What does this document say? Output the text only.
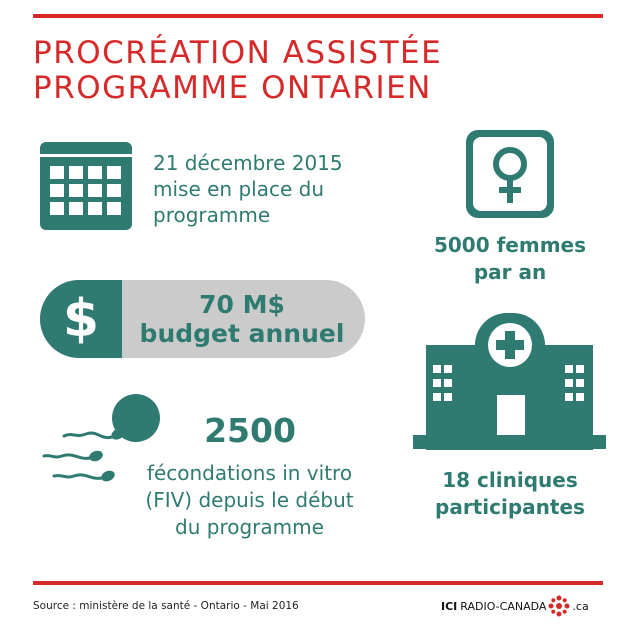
PROCRÉATION ASSISTÉE
PROGRAMME ONTARIEN
21 décembre 2015
mise en place du
programme
5000 femmes
par an
$	70 M$
budget annuel
2500
fécondations in vitro
(FIV) depuis le début
du programme
18 cliniques
participantes
Source : ministère de la santé - Ontario - Mai 2016	ICI RADIO-CANADA .ca
